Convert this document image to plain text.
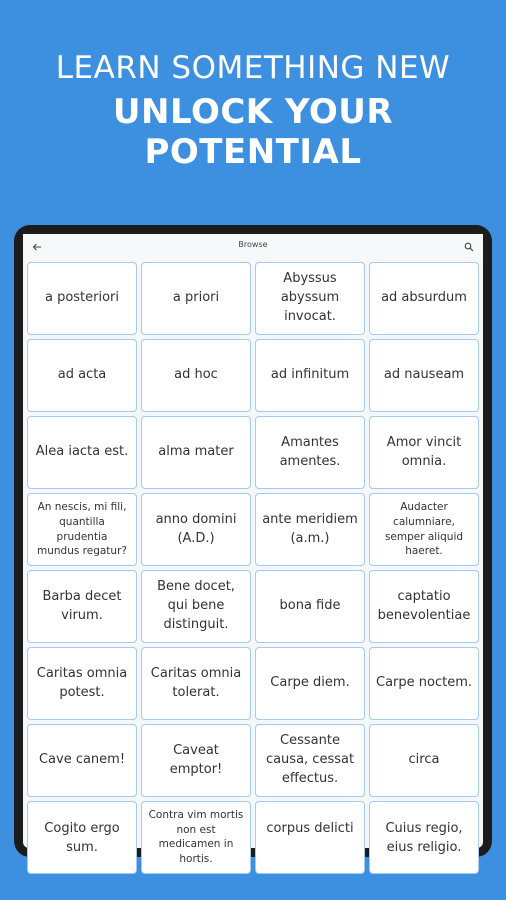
LEARN SOMETHING NEW
UNLOCK YOUR POTENTIAL
Browse
a posteriori	a priori
Abyssus abyssum invocat.
ad absurdum
ad acta	ad hoc	ad infinitum	ad nauseam
Alea iacta est.	alma mater
Amantes amentes.
Amor vincit omnia.
An nescis, mi fili, quantilla prudentia mundus regatur?
anno domini (A.D.)
ante meridiem (a.m.)
Audacter calumniare, semper aliquid haeret.
Barba decet virum.
Bene docet, qui bene distinguit.
bona fide
captatio benevolentiae
Caritas omnia potest.
Caritas omnia tolerat.
Carpe diem.	Carpe noctem.
Cave canem!
Caveat emptor!
Cessante causa, cessat effectus.
circa
Cogito ergo sum.
Contra vim mortis non est medicamen in hortis.
corpus delicti	Cuius regio, eius religio.
